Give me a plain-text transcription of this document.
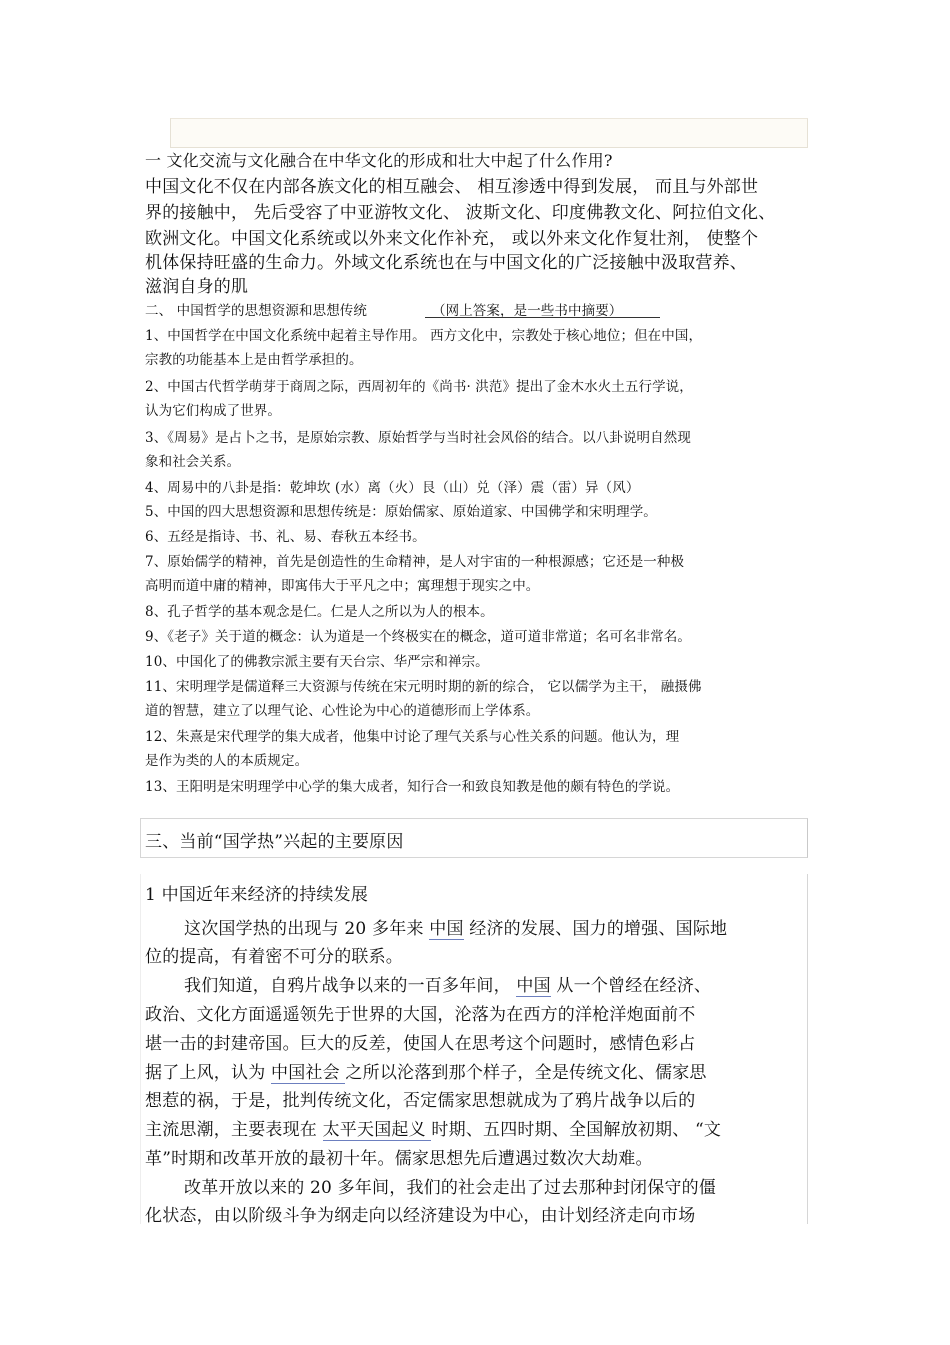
一 文化交流与文化融合在中华文化的形成和壮大中起了什么作用?
中国文化不仅在内部各族文化的相互融会、 相互渗透中得到发展， 而且与外部世
界的接触中， 先后受容了中亚游牧文化、 波斯文化、印度佛教文化、阿拉伯文化、
欧洲文化。中国文化系统或以外来文化作补充， 或以外来文化作复壮剂， 使整个
机体保持旺盛的生命力。外域文化系统也在与中国文化的广泛接触中汲取营养、
滋润自身的肌
二、 中国哲学的思想资源和思想传统	（网上答案，是一些书中摘要）
1、中国哲学在中国文化系统中起着主导作用。 西方文化中，宗教处于核心地位；但在中国，
宗教的功能基本上是由哲学承担的。
2、中国古代哲学萌芽于商周之际，西周初年的《尚书· 洪范》提出了金木水火土五行学说，
认为它们构成了世界。
3、《周易》是占卜之书，是原始宗教、原始哲学与当时社会风俗的结合。以八卦说明自然现
象和社会关系。
4、周易中的八卦是指：乾坤坎 (水）离（火）艮（山）兑（泽）震（雷）异（风）
5、中国的四大思想资源和思想传统是：原始儒家、原始道家、中国佛学和宋明理学。
6、五经是指诗、书、礼、易、春秋五本经书。
7、原始儒学的精神，首先是创造性的生命精神，是人对宇宙的一种根源感；它还是一种极
高明而道中庸的精神，即寓伟大于平凡之中；寓理想于现实之中。
8、孔子哲学的基本观念是仁。仁是人之所以为人的根本。
9、《老子》关于道的概念：认为道是一个终极实在的概念，道可道非常道；名可名非常名。
10、中国化了的佛教宗派主要有天台宗、华严宗和禅宗。
11、宋明理学是儒道释三大资源与传统在宋元明时期的新的综合， 它以儒学为主干， 融摄佛
道的智慧，建立了以理气论、心性论为中心的道德形而上学体系。
12、朱熹是宋代理学的集大成者，他集中讨论了理气关系与心性关系的问题。他认为，理
是作为类的人的本质规定。
13、王阳明是宋明理学中心学的集大成者，知行合一和致良知教是他的颇有特色的学说。
三、当前“国学热”兴起的主要原因
1 中国近年来经济的持续发展
这次国学热的出现与 20 多年来 中国 经济的发展、国力的增强、国际地
位的提高，有着密不可分的联系。
我们知道，自鸦片战争以来的一百多年间， 中国 从一个曾经在经济、
政治、文化方面遥遥领先于世界的大国，沦落为在西方的洋枪洋炮面前不
堪一击的封建帝国。巨大的反差，使国人在思考这个问题时，感情色彩占
据了上风，认为 中国社会 之所以沦落到那个样子，全是传统文化、儒家思
想惹的祸，于是，批判传统文化，否定儒家思想就成为了鸦片战争以后的
主流思潮，主要表现在 太平天国起义 时期、五四时期、全国解放初期、 “文
革”时期和改革开放的最初十年。儒家思想先后遭遇过数次大劫难。
改革开放以来的 20 多年间，我们的社会走出了过去那种封闭保守的僵
化状态，由以阶级斗争为纲走向以经济建设为中心，由计划经济走向市场
